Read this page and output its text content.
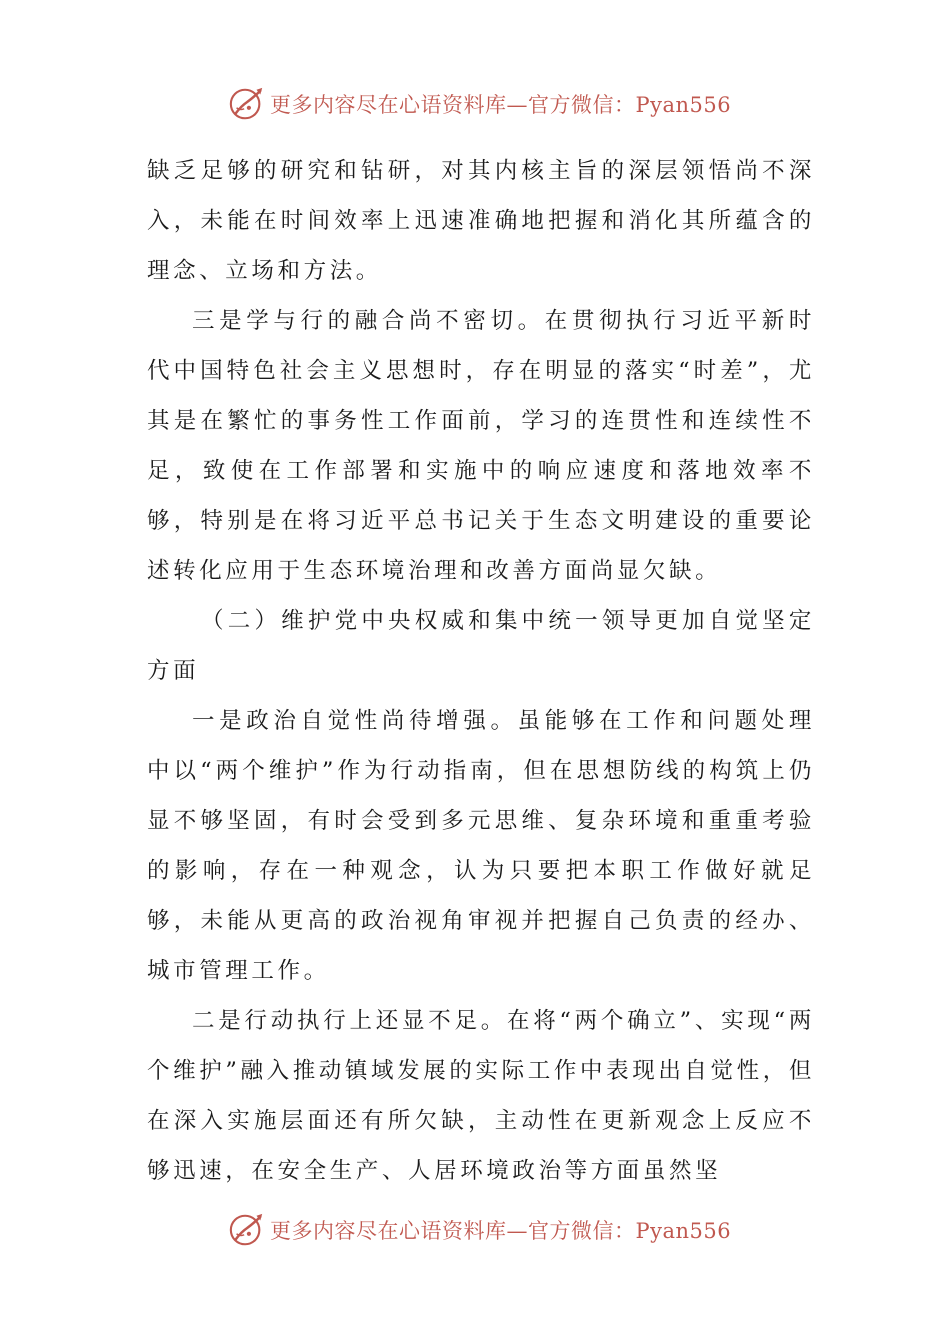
更多内容尽在心语资料库—官方微信：Pyan556

缺乏足够的研究和钻研，对其内核主旨的深层领悟尚不深入，未能在时间效率上迅速准确地把握和消化其所蕴含的理念、立场和方法。

三是学与行的融合尚不密切。在贯彻执行习近平新时代中国特色社会主义思想时，存在明显的落实“时差”，尤其是在繁忙的事务性工作面前，学习的连贯性和连续性不足，致使在工作部署和实施中的响应速度和落地效率不够，特别是在将习近平总书记关于生态文明建设的重要论述转化应用于生态环境治理和改善方面尚显欠缺。

（二）维护党中央权威和集中统一领导更加自觉坚定方面

一是政治自觉性尚待增强。虽能够在工作和问题处理中以“两个维护”作为行动指南，但在思想防线的构筑上仍显不够坚固，有时会受到多元思维、复杂环境和重重考验的影响，存在一种观念，认为只要把本职工作做好就足够，未能从更高的政治视角审视并把握自己负责的经办、城市管理工作。

二是行动执行上还显不足。在将“两个确立”、实现“两个维护”融入推动镇域发展的实际工作中表现出自觉性，但在深入实施层面还有所欠缺，主动性在更新观念上反应不够迅速，在安全生产、人居环境政治等方面虽然坚

更多内容尽在心语资料库—官方微信：Pyan556
